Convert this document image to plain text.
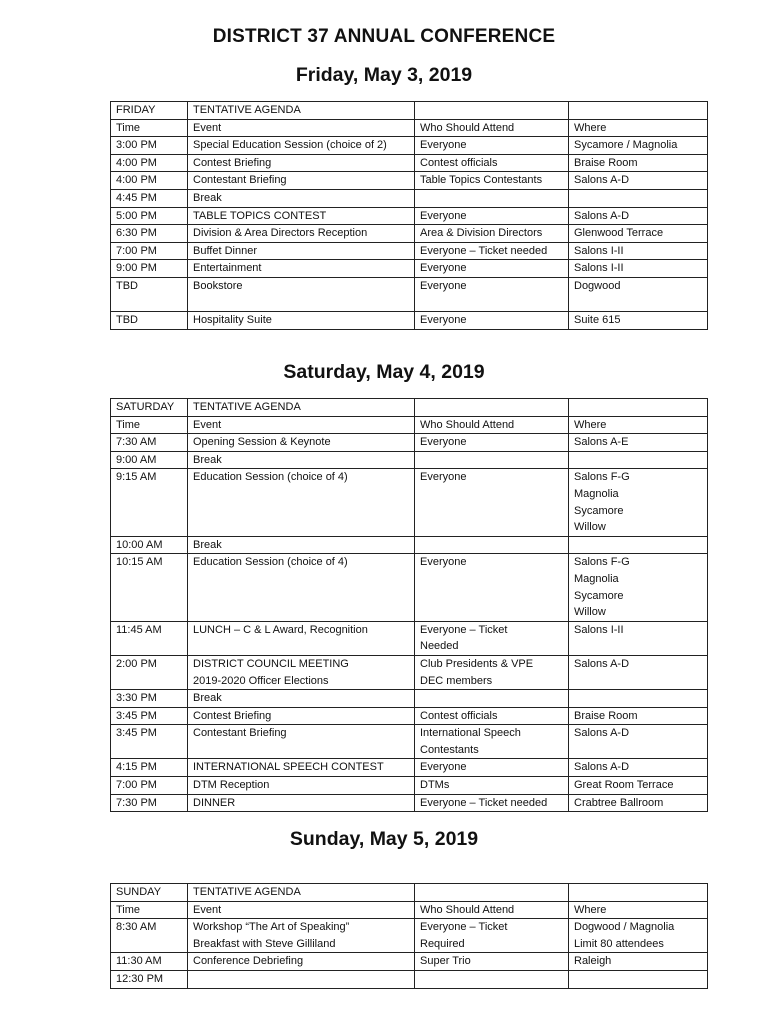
DISTRICT 37 ANNUAL CONFERENCE
Friday, May 3, 2019
FRIDAY	TENTATIVE AGENDA		
Time	Event	Who Should Attend	Where

3:00 PM	Special Education Session (choice of 2)	Everyone	Sycamore / Magnolia

4:00 PM	Contest Briefing	Contest officials	Braise Room

4:00 PM	Contestant Briefing	Table Topics Contestants	Salons A-D

4:45 PM	Break

5:00 PM	TABLE TOPICS CONTEST	Everyone	Salons A-D

6:30 PM	Division & Area Directors Reception	Area & Division Directors	Glenwood Terrace

7:00 PM	Buffet Dinner	Everyone – Ticket needed	Salons I-II

9:00 PM	Entertainment	Everyone	Salons I-II

TBD	Bookstore	Everyone	Dogwood

TBD	Hospitality Suite	Everyone	Suite 615
Saturday, May 4, 2019
SATURDAY	TENTATIVE AGENDA		
Time	Event	Who Should Attend	Where

7:30 AM	Opening Session & Keynote	Everyone	Salons A-E

9:00 AM	Break

9:15 AM	Education Session (choice of 4)	Everyone	Salons F-G
Magnolia
Sycamore
Willow

10:00 AM	Break

10:15 AM	Education Session (choice of 4)	Everyone	Salons F-G
Magnolia
Sycamore
Willow

11:45 AM	LUNCH – C & L Award, Recognition	Everyone – Ticket
Needed	Salons I-II

2:00 PM	DISTRICT COUNCIL MEETING
2019-2020 Officer Elections	Club Presidents & VPE
DEC members	Salons A-D

3:30 PM	Break

3:45 PM	Contest Briefing	Contest officials	Braise Room

3:45 PM	Contestant Briefing	International Speech
Contestants	Salons A-D

4:15 PM	INTERNATIONAL SPEECH CONTEST	Everyone	Salons A-D

7:00 PM	DTM Reception	DTMs	Great Room Terrace

7:30 PM	DINNER	Everyone – Ticket needed	Crabtree Ballroom
Sunday, May 5, 2019
SUNDAY	TENTATIVE AGENDA		
Time	Event	Who Should Attend	Where

8:30 AM	Workshop “The Art of Speaking”
Breakfast with Steve Gilliland	Everyone – Ticket
Required	Dogwood / Magnolia
Limit 80 attendees

11:30 AM	Conference Debriefing	Super Trio	Raleigh

12:30 PM
